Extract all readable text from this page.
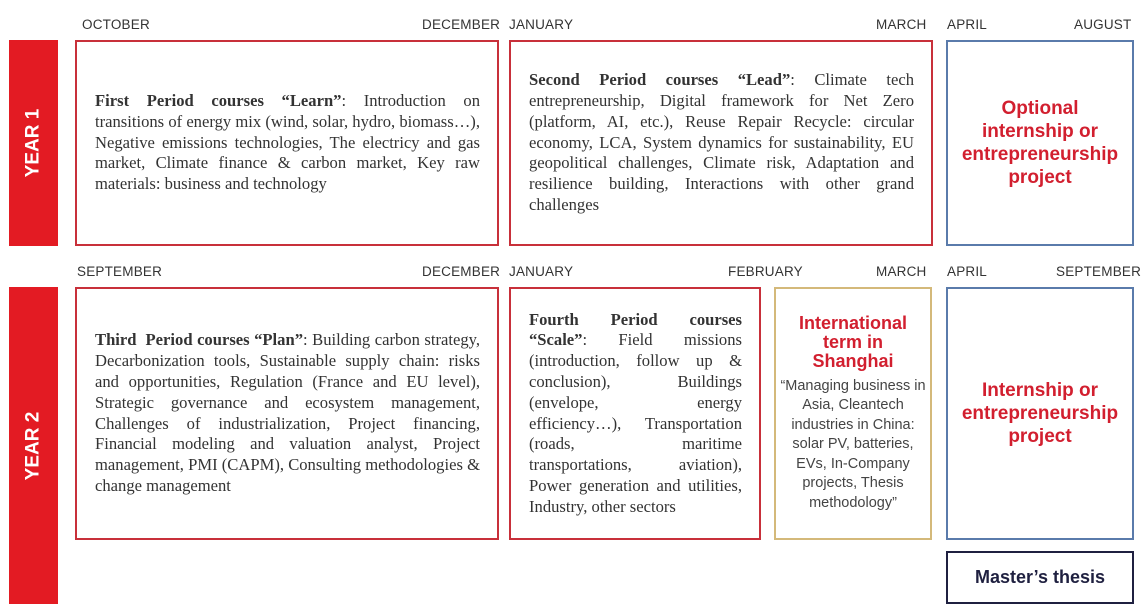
OCTOBER	DECEMBER JANUARY	MARCH APRIL	AUGUST
YEAR 1
First Period courses “Learn”: Introduction on transitions of energy mix (wind, solar, hydro, biomass…), Negative emissions technologies, The electricy and gas market, Climate finance & carbon market, Key raw materials: business and technology
Second Period courses “Lead”: Climate tech entrepreneurship, Digital framework for Net Zero (platform, AI, etc.), Reuse Repair Recycle: circular economy, LCA, System dynamics for sustainability, EU geopolitical challenges, Climate risk, Adaptation and resilience building, Interactions with other grand challenges
Optional internship or entrepreneurship project
SEPTEMBER	DECEMBER JANUARY	FEBRUARY	MARCH APRIL	SEPTEMBER
YEAR 2
Third  Period courses “Plan”: Building carbon strategy, Decarbonization tools, Sustainable supply chain: risks and opportunities, Regulation (France and EU level), Strategic governance and ecosystem management, Challenges of industrialization, Project financing, Financial modeling and valuation analyst, Project management, PMI (CAPM), Consulting methodologies & change management
Fourth Period courses “Scale”: Field missions (introduction, follow up & conclusion), Buildings (envelope, energy efficiency…), Transportation (roads, maritime transportations, aviation), Power generation and utilities, Industry, other sectors
International term in Shanghai
“Managing business in Asia, Cleantech industries in China: solar PV, batteries, EVs, In-Company projects, Thesis methodology”
Internship or entrepreneurship project
Master’s thesis
